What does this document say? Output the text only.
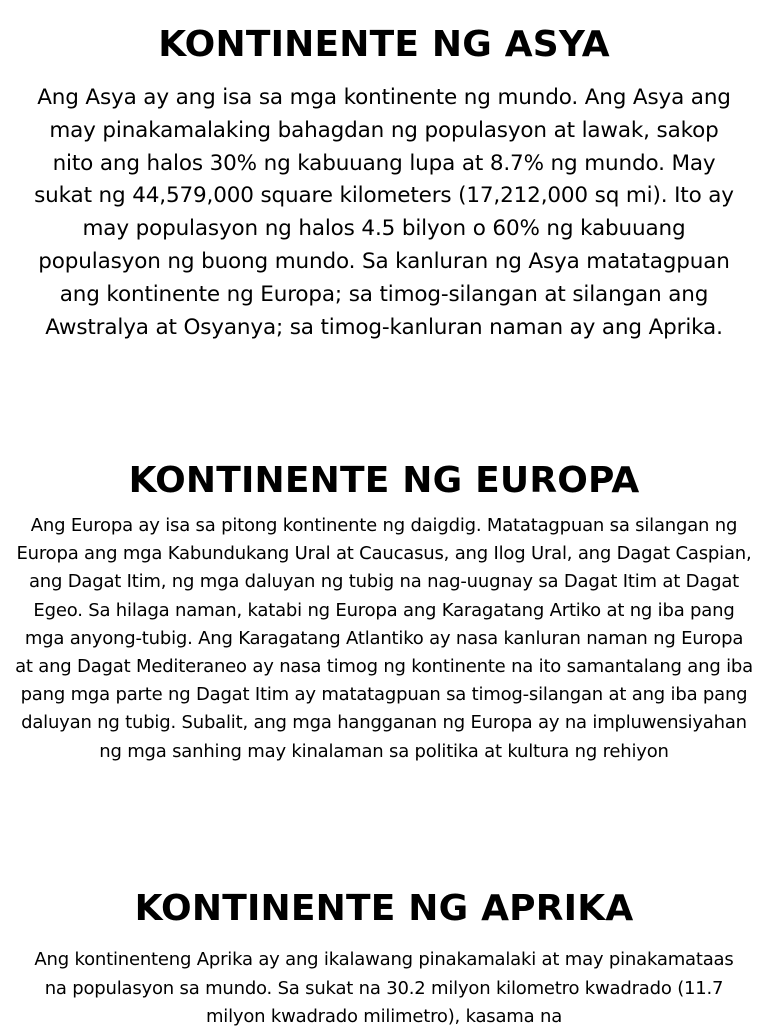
KONTINENTE NG ASYA

Ang Asya ay ang isa sa mga kontinente ng mundo. Ang Asya ang may pinakamalaking bahagdan ng populasyon at lawak, sakop nito ang halos 30% ng kabuuang lupa at 8.7% ng mundo. May sukat ng 44,579,000 square kilometers (17,212,000 sq mi). Ito ay may populasyon ng halos 4.5 bilyon o 60% ng kabuuang populasyon ng buong mundo. Sa kanluran ng Asya matatagpuan ang kontinente ng Europa; sa timog-silangan at silangan ang Awstralya at Osyanya; sa timog-kanluran naman ay ang Aprika.

KONTINENTE NG EUROPA

Ang Europa ay isa sa pitong kontinente ng daigdig. Matatagpuan sa silangan ng Europa ang mga Kabundukang Ural at Caucasus, ang Ilog Ural, ang Dagat Caspian, ang Dagat Itim, ng mga daluyan ng tubig na nag-uugnay sa Dagat Itim at Dagat Egeo. Sa hilaga naman, katabi ng Europa ang Karagatang Artiko at ng iba pang mga anyong-tubig. Ang Karagatang Atlantiko ay nasa kanluran naman ng Europa at ang Dagat Mediteraneo ay nasa timog ng kontinente na ito samantalang ang iba pang mga parte ng Dagat Itim ay matatagpuan sa timog-silangan at ang iba pang daluyan ng tubig. Subalit, ang mga hangganan ng Europa ay na impluwensiyahan ng mga sanhing may kinalaman sa politika at kultura ng rehiyon

KONTINENTE NG APRIKA

Ang kontinenteng Aprika ay ang ikalawang pinakamalaki at may pinakamataas na populasyon sa mundo. Sa sukat na 30.2 milyon kilometro kwadrado (11.7 milyon kwadrado milimetro), kasama na
